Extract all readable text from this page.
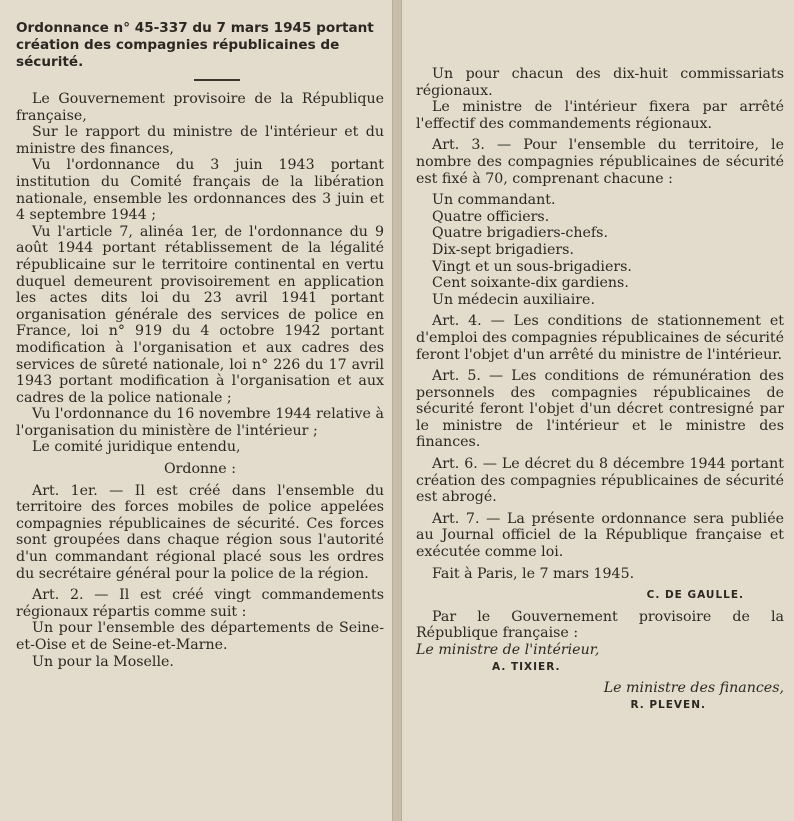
Ordonnance n° 45-337 du 7 mars 1945 portant création des compagnies républicaines de sécurité.

Le Gouvernement provisoire de la République française,

Sur le rapport du ministre de l'intérieur et du ministre des finances,

Vu l'ordonnance du 3 juin 1943 portant institution du Comité français de la libération nationale, ensemble les ordonnances des 3 juin et 4 septembre 1944 ;

Vu l'article 7, alinéa 1er, de l'ordonnance du 9 août 1944 portant rétablissement de la légalité républicaine sur le territoire continental en vertu duquel demeurent provisoirement en application les actes dits loi du 23 avril 1941 portant organisation générale des services de police en France, loi n° 919 du 4 octobre 1942 portant modification à l'organisation et aux cadres des services de sûreté nationale, loi n° 226 du 17 avril 1943 portant modification à l'organisation et aux cadres de la police nationale ;

Vu l'ordonnance du 16 novembre 1944 relative à l'organisation du ministère de l'intérieur ;

Le comité juridique entendu,

Ordonne :

Art. 1er. — Il est créé dans l'ensemble du territoire des forces mobiles de police appelées compagnies républicaines de sécurité. Ces forces sont groupées dans chaque région sous l'autorité d'un commandant régional placé sous les ordres du secrétaire général pour la police de la région.

Art. 2. — Il est créé vingt commandements régionaux répartis comme suit :

Un pour l'ensemble des départements de Seine-et-Oise et de Seine-et-Marne.

Un pour la Moselle.

Un pour chacun des dix-huit commissariats régionaux.

Le ministre de l'intérieur fixera par arrêté l'effectif des commandements régionaux.

Art. 3. — Pour l'ensemble du territoire, le nombre des compagnies républicaines de sécurité est fixé à 70, comprenant chacune :

Un commandant.

Quatre officiers.

Quatre brigadiers-chefs.

Dix-sept brigadiers.

Vingt et un sous-brigadiers.

Cent soixante-dix gardiens.

Un médecin auxiliaire.

Art. 4. — Les conditions de stationnement et d'emploi des compagnies républicaines de sécurité feront l'objet d'un arrêté du ministre de l'intérieur.

Art. 5. — Les conditions de rémunération des personnels des compagnies républicaines de sécurité feront l'objet d'un décret contresigné par le ministre de l'intérieur et le ministre des finances.

Art. 6. — Le décret du 8 décembre 1944 portant création des compagnies républicaines de sécurité est abrogé.

Art. 7. — La présente ordonnance sera publiée au Journal officiel de la République française et exécutée comme loi.

Fait à Paris, le 7 mars 1945.

C. DE GAULLE.

Par le Gouvernement provisoire de la République française :

Le ministre de l'intérieur,

A. TIXIER.

Le ministre des finances,

R. PLEVEN.
